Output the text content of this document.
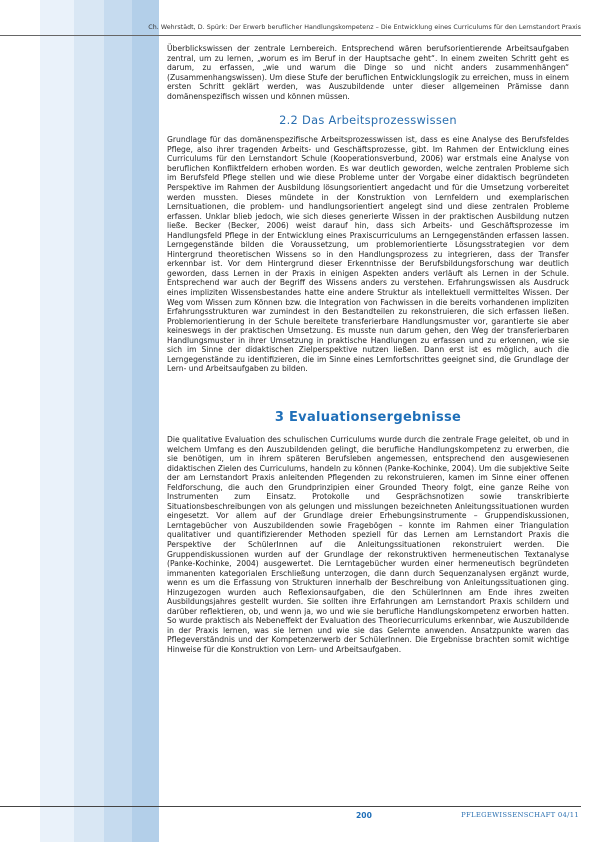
Ch. Wehrstädt, D. Spürk: Der Erwerb beruflicher Handlungskompetenz – Die Entwicklung eines Curriculums für den Lernstandort Praxis

Überblickswissen der zentrale Lernbereich. Entsprechend wären berufsorientierende Arbeitsaufgaben zentral, um zu lernen, „worum es im Beruf in der Hauptsache geht“. In einem zweiten Schritt geht es darum, zu erfassen, „wie und warum die Dinge so und nicht anders zusammenhängen“ (Zusammenhangswissen). Um diese Stufe der beruflichen Entwicklungslogik zu erreichen, muss in einem ersten Schritt geklärt werden, was Auszubildende unter dieser allgemeinen Prämisse dann domänenspezifisch wissen und können müssen.

2.2 Das Arbeitsprozesswissen

Grundlage für das domänenspezifische Arbeitsprozesswissen ist, dass es eine Analyse des Berufsfeldes Pflege, also ihrer tragenden Arbeits- und Geschäftsprozesse, gibt. Im Rahmen der Entwicklung eines Curriculums für den Lernstandort Schule (Kooperationsverbund, 2006) war erstmals eine Analyse von beruflichen Konfliktfeldern erhoben worden. Es war deutlich geworden, welche zentralen Probleme sich im Berufsfeld Pflege stellen und wie diese Probleme unter der Vorgabe einer didaktisch begründeten Perspektive im Rahmen der Ausbildung lösungsorientiert angedacht und für die Umsetzung vorbereitet werden mussten. Dieses mündete in der Konstruktion von Lernfeldern und exemplarischen Lernsituationen, die problem- und handlungsorientiert angelegt sind und diese zentralen Probleme erfassen. Unklar blieb jedoch, wie sich dieses generierte Wissen in der praktischen Ausbildung nutzen ließe. Becker (Becker, 2006) weist darauf hin, dass sich Arbeits- und Geschäftsprozesse im Handlungsfeld Pflege in der Entwicklung eines Praxiscurriculums an Lerngegenständen erfassen lassen. Lerngegenstände bilden die Voraussetzung, um problemorientierte Lösungsstrategien vor dem Hintergrund theoretischen Wissens so in den Handlungsprozess zu integrieren, dass der Transfer erkennbar ist. Vor dem Hintergrund dieser Erkenntnisse der Berufsbildungsforschung war deutlich geworden, dass Lernen in der Praxis in einigen Aspekten anders verläuft als Lernen in der Schule. Entsprechend war auch der Begriff des Wissens anders zu verstehen. Erfahrungswissen als Ausdruck eines impliziten Wissensbestandes hatte eine andere Struktur als intellektuell vermitteltes Wissen. Der Weg vom Wissen zum Können bzw. die Integration von Fachwissen in die bereits vorhandenen impliziten Erfahrungsstrukturen war zumindest in den Bestandteilen zu rekonstruieren, die sich erfassen ließen. Problemorientierung in der Schule bereitete transferierbare Handlungsmuster vor, garantierte sie aber keineswegs in der praktischen Umsetzung. Es musste nun darum gehen, den Weg der transferierbaren Handlungsmuster in ihrer Umsetzung in praktische Handlungen zu erfassen und zu erkennen, wie sie sich im Sinne der didaktischen Zielperspektive nutzen ließen. Dann erst ist es möglich, auch die Lerngegenstände zu identifizieren, die im Sinne eines Lernfortschrittes geeignet sind, die Grundlage der Lern- und Arbeitsaufgaben zu bilden.

3 Evaluationsergebnisse

Die qualitative Evaluation des schulischen Curriculums wurde durch die zentrale Frage geleitet, ob und in welchem Umfang es den Auszubildenden gelingt, die berufliche Handlungskompetenz zu erwerben, die sie benötigen, um in ihrem späteren Berufsleben angemessen, entsprechend den ausgewiesenen didaktischen Zielen des Curriculums, handeln zu können (Panke-Kochinke, 2004). Um die subjektive Seite der am Lernstandort Praxis anleitenden Pflegenden zu rekonstruieren, kamen im Sinne einer offenen Feldforschung, die auch den Grundprinzipien einer Grounded Theory folgt, eine ganze Reihe von Instrumenten zum Einsatz. Protokolle und Gesprächsnotizen sowie transkribierte Situationsbeschreibungen von als gelungen und misslungen bezeichneten Anleitungssituationen wurden eingesetzt. Vor allem auf der Grundlage dreier Erhebungsinstrumente – Gruppendiskussionen, Lerntagebücher von Auszubildenden sowie Fragebögen – konnte im Rahmen einer Triangulation qualitativer und quantifizierender Methoden speziell für das Lernen am Lernstandort Praxis die Perspektive der SchülerInnen auf die Anleitungssituationen rekonstruiert werden. Die Gruppendiskussionen wurden auf der Grundlage der rekonstruktiven hermeneutischen Textanalyse (Panke-Kochinke, 2004) ausgewertet. Die Lerntagebücher wurden einer hermeneutisch begründeten immanenten kategorialen Erschließung unterzogen, die dann durch Sequenzanalysen ergänzt wurde, wenn es um die Erfassung von Strukturen innerhalb der Beschreibung von Anleitungssituationen ging. Hinzugezogen wurden auch Reflexionsaufgaben, die den SchülerInnen am Ende ihres zweiten Ausbildungsjahres gestellt wurden. Sie sollten ihre Erfahrungen am Lernstandort Praxis schildern und darüber reflektieren, ob, und wenn ja, wo und wie sie berufliche Handlungskompetenz erworben hatten. So wurde praktisch als Nebeneffekt der Evaluation des Theoriecurriculums erkennbar, wie Auszubildende in der Praxis lernen, was sie lernen und wie sie das Gelernte anwenden. Ansatzpunkte waren das Pflegeverständnis und der Kompetenzerwerb der SchülerInnen. Die Ergebnisse brachten somit wichtige Hinweise für die Konstruktion von Lern- und Arbeitsaufgaben.

200	PFLEGEWISSENSCHAFT 04/11
